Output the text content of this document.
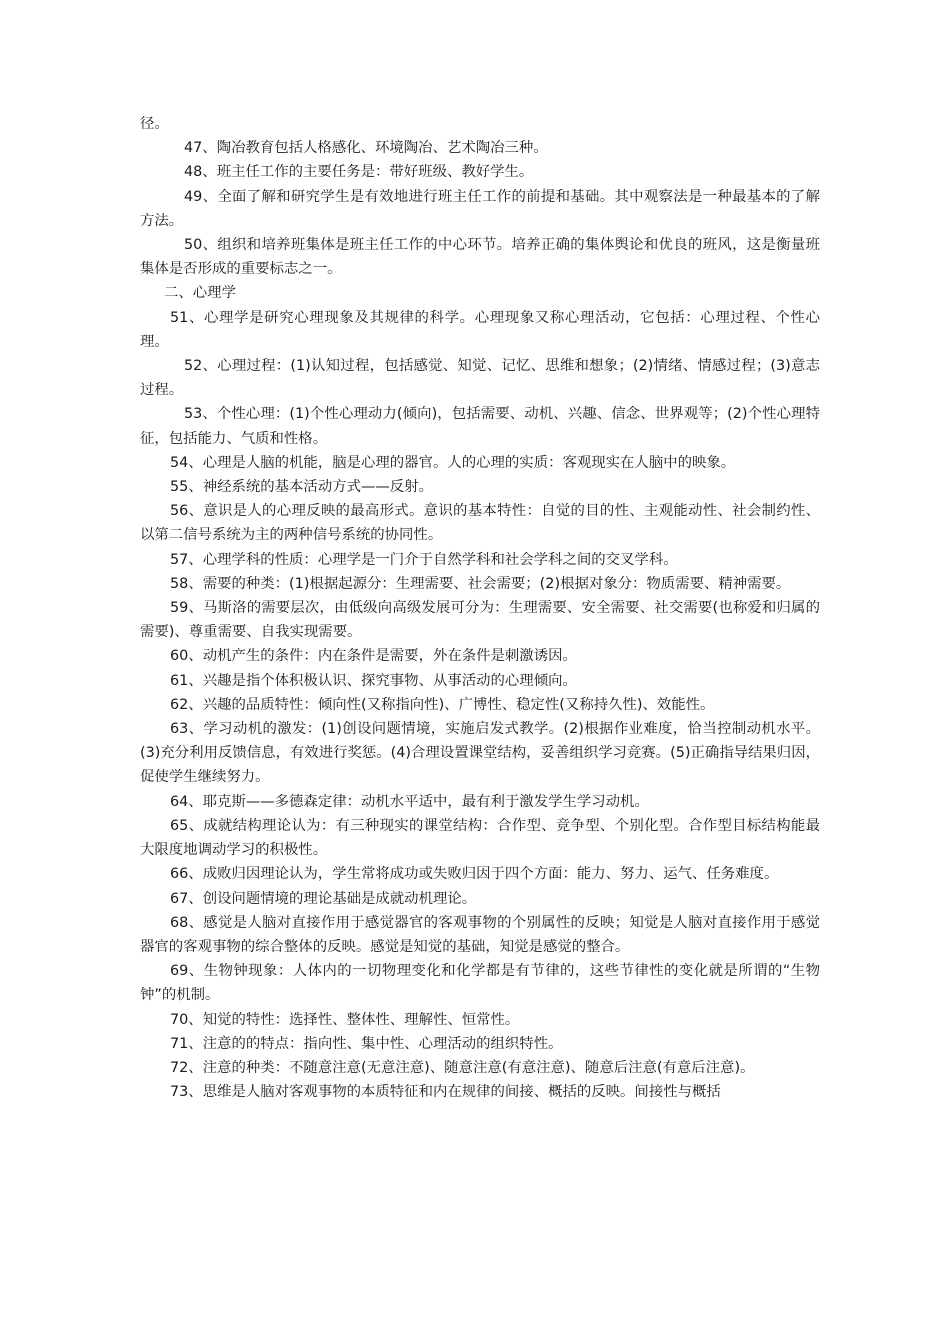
径。

47、陶冶教育包括人格感化、环境陶冶、艺术陶冶三种。

48、班主任工作的主要任务是：带好班级、教好学生。

49、全面了解和研究学生是有效地进行班主任工作的前提和基础。其中观察法是一种最基本的了解方法。

50、组织和培养班集体是班主任工作的中心环节。培养正确的集体舆论和优良的班风，这是衡量班集体是否形成的重要标志之一。

二、心理学

51、心理学是研究心理现象及其规律的科学。心理现象又称心理活动，它包括：心理过程、个性心理。

52、心理过程：(1)认知过程，包括感觉、知觉、记忆、思维和想象；(2)情绪、情感过程；(3)意志过程。

53、个性心理：(1)个性心理动力(倾向)，包括需要、动机、兴趣、信念、世界观等；(2)个性心理特征，包括能力、气质和性格。

54、心理是人脑的机能，脑是心理的器官。人的心理的实质：客观现实在人脑中的映象。

55、神经系统的基本活动方式——反射。

56、意识是人的心理反映的最高形式。意识的基本特性：自觉的目的性、主观能动性、社会制约性、以第二信号系统为主的两种信号系统的协同性。

57、心理学科的性质：心理学是一门介于自然学科和社会学科之间的交叉学科。

58、需要的种类：(1)根据起源分：生理需要、社会需要；(2)根据对象分：物质需要、精神需要。

59、马斯洛的需要层次，由低级向高级发展可分为：生理需要、安全需要、社交需要(也称爱和归属的需要)、尊重需要、自我实现需要。

60、动机产生的条件：内在条件是需要，外在条件是刺激诱因。

61、兴趣是指个体积极认识、探究事物、从事活动的心理倾向。

62、兴趣的品质特性：倾向性(又称指向性)、广博性、稳定性(又称持久性)、效能性。

63、学习动机的激发：(1)创设问题情境，实施启发式教学。(2)根据作业难度，恰当控制动机水平。(3)充分利用反馈信息，有效进行奖惩。(4)合理设置课堂结构，妥善组织学习竞赛。(5)正确指导结果归因，促使学生继续努力。

64、耶克斯——多德森定律：动机水平适中，最有利于激发学生学习动机。

65、成就结构理论认为：有三种现实的课堂结构：合作型、竞争型、个别化型。合作型目标结构能最大限度地调动学习的积极性。

66、成败归因理论认为，学生常将成功或失败归因于四个方面：能力、努力、运气、任务难度。

67、创设问题情境的理论基础是成就动机理论。

68、感觉是人脑对直接作用于感觉器官的客观事物的个别属性的反映；知觉是人脑对直接作用于感觉器官的客观事物的综合整体的反映。感觉是知觉的基础，知觉是感觉的整合。

69、生物钟现象：人体内的一切物理变化和化学都是有节律的，这些节律性的变化就是所谓的“生物钟”的机制。

70、知觉的特性：选择性、整体性、理解性、恒常性。

71、注意的的特点：指向性、集中性、心理活动的组织特性。

72、注意的种类：不随意注意(无意注意)、随意注意(有意注意)、随意后注意(有意后注意)。

73、思维是人脑对客观事物的本质特征和内在规律的间接、概括的反映。间接性与概括
